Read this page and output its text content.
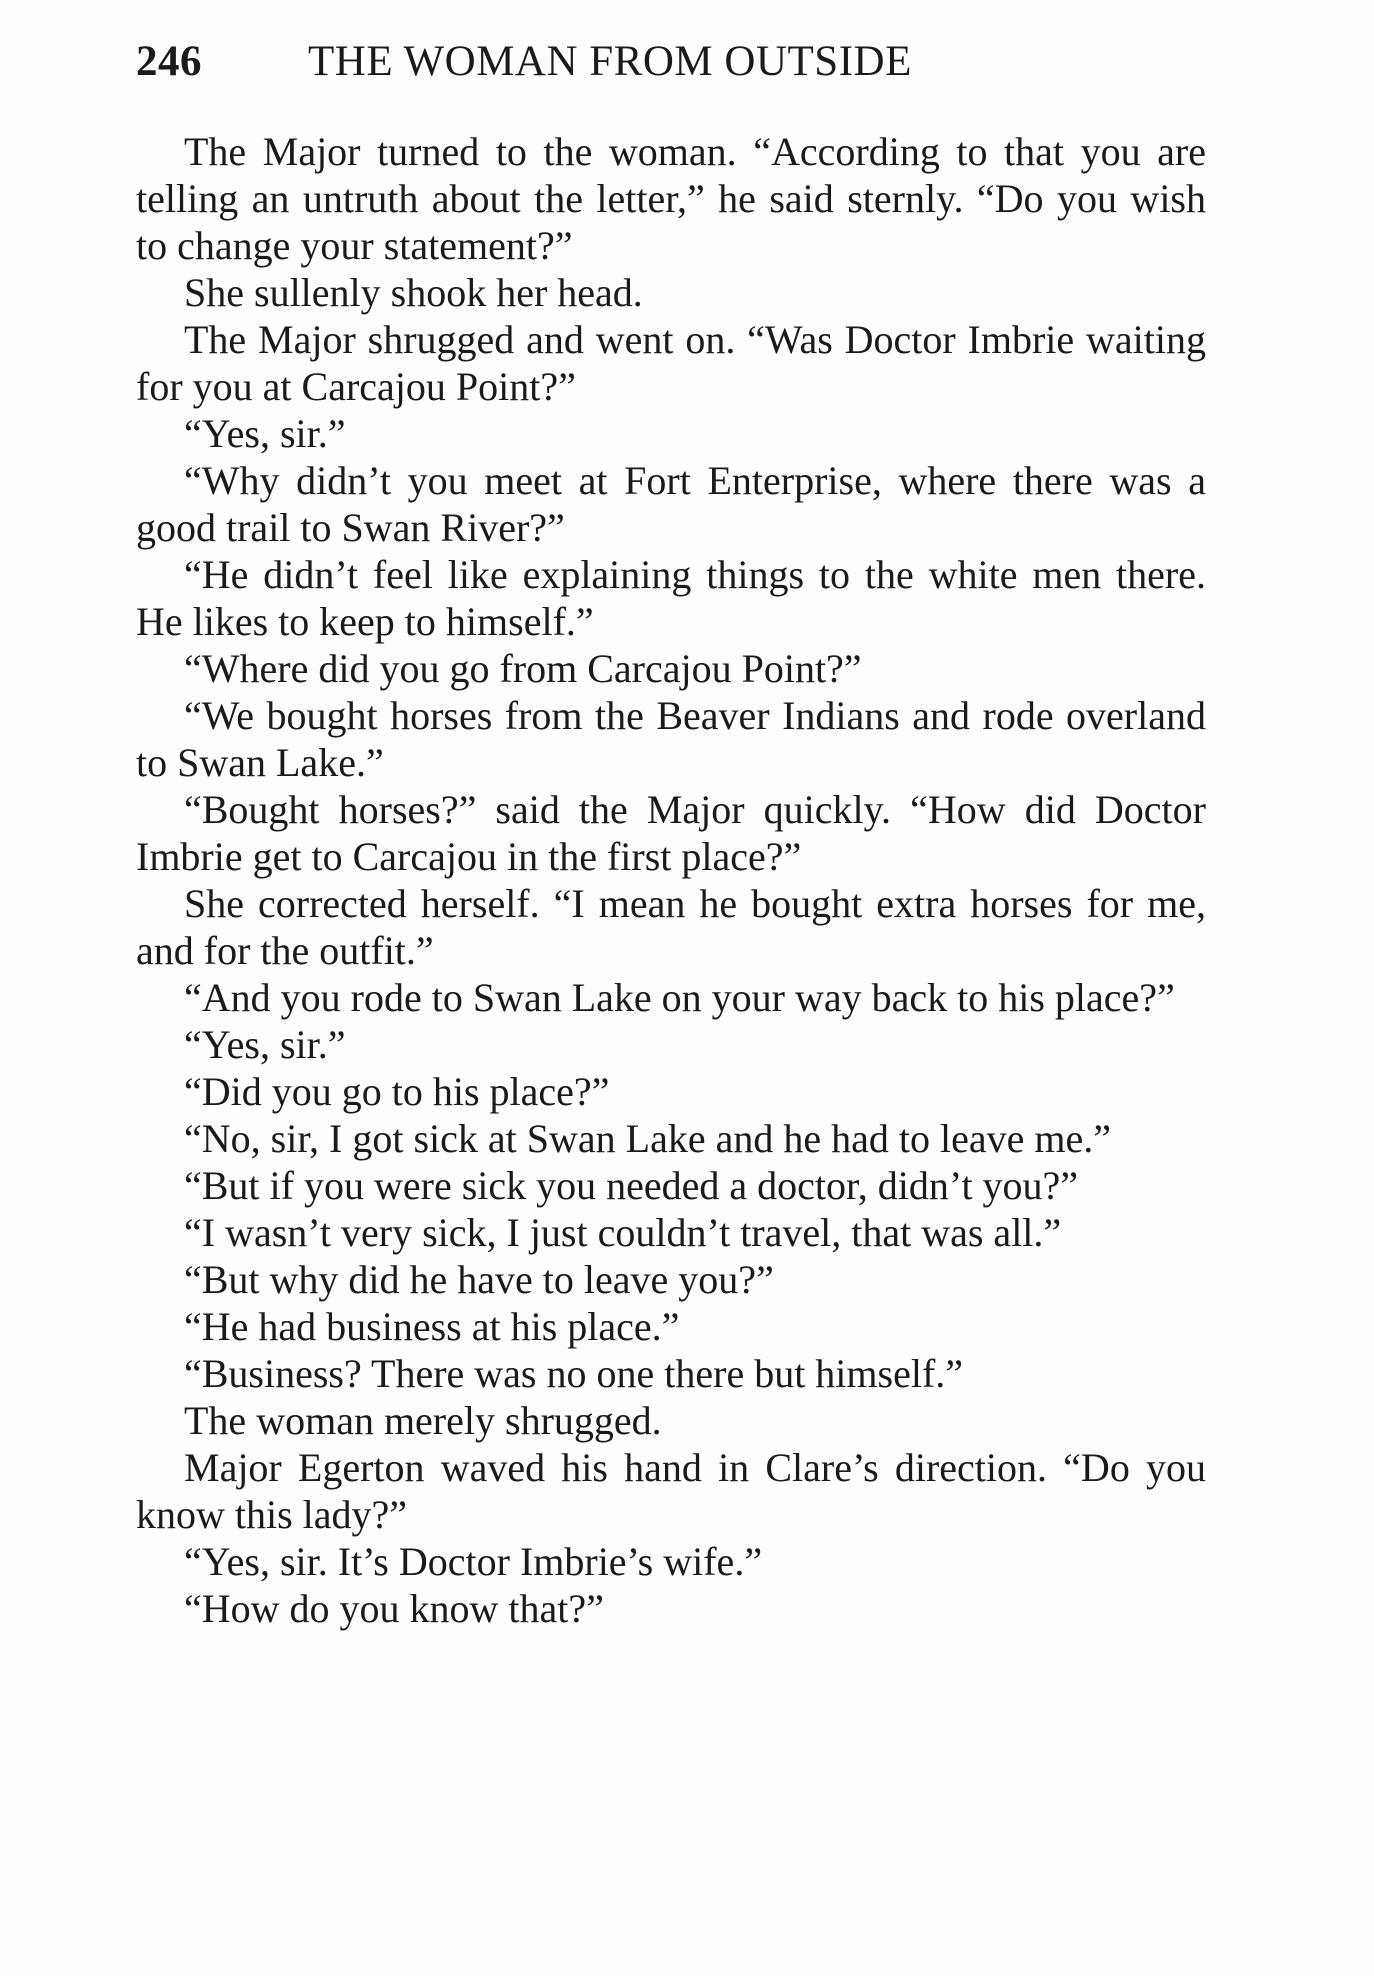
246 THE WOMAN FROM OUTSIDE

The Major turned to the woman. “According to that you are telling an untruth about the letter,” he said sternly. “Do you wish to change your statement?”

She sullenly shook her head.

The Major shrugged and went on. “Was Doctor Imbrie waiting for you at Carcajou Point?”

“Yes, sir.”

“Why didn’t you meet at Fort Enterprise, where there was a good trail to Swan River?”

“He didn’t feel like explaining things to the white men there. He likes to keep to himself.”

“Where did you go from Carcajou Point?”

“We bought horses from the Beaver Indians and rode overland to Swan Lake.”

“Bought horses?” said the Major quickly. “How did Doctor Imbrie get to Carcajou in the first place?”

She corrected herself. “I mean he bought extra horses for me, and for the outfit.”

“And you rode to Swan Lake on your way back to his place?”

“Yes, sir.”

“Did you go to his place?”

“No, sir, I got sick at Swan Lake and he had to leave me.”

“But if you were sick you needed a doctor, didn’t you?”

“I wasn’t very sick, I just couldn’t travel, that was all.”

“But why did he have to leave you?”

“He had business at his place.”

“Business? There was no one there but himself.”

The woman merely shrugged.

Major Egerton waved his hand in Clare’s direction. “Do you know this lady?”

“Yes, sir. It’s Doctor Imbrie’s wife.”

“How do you know that?”
